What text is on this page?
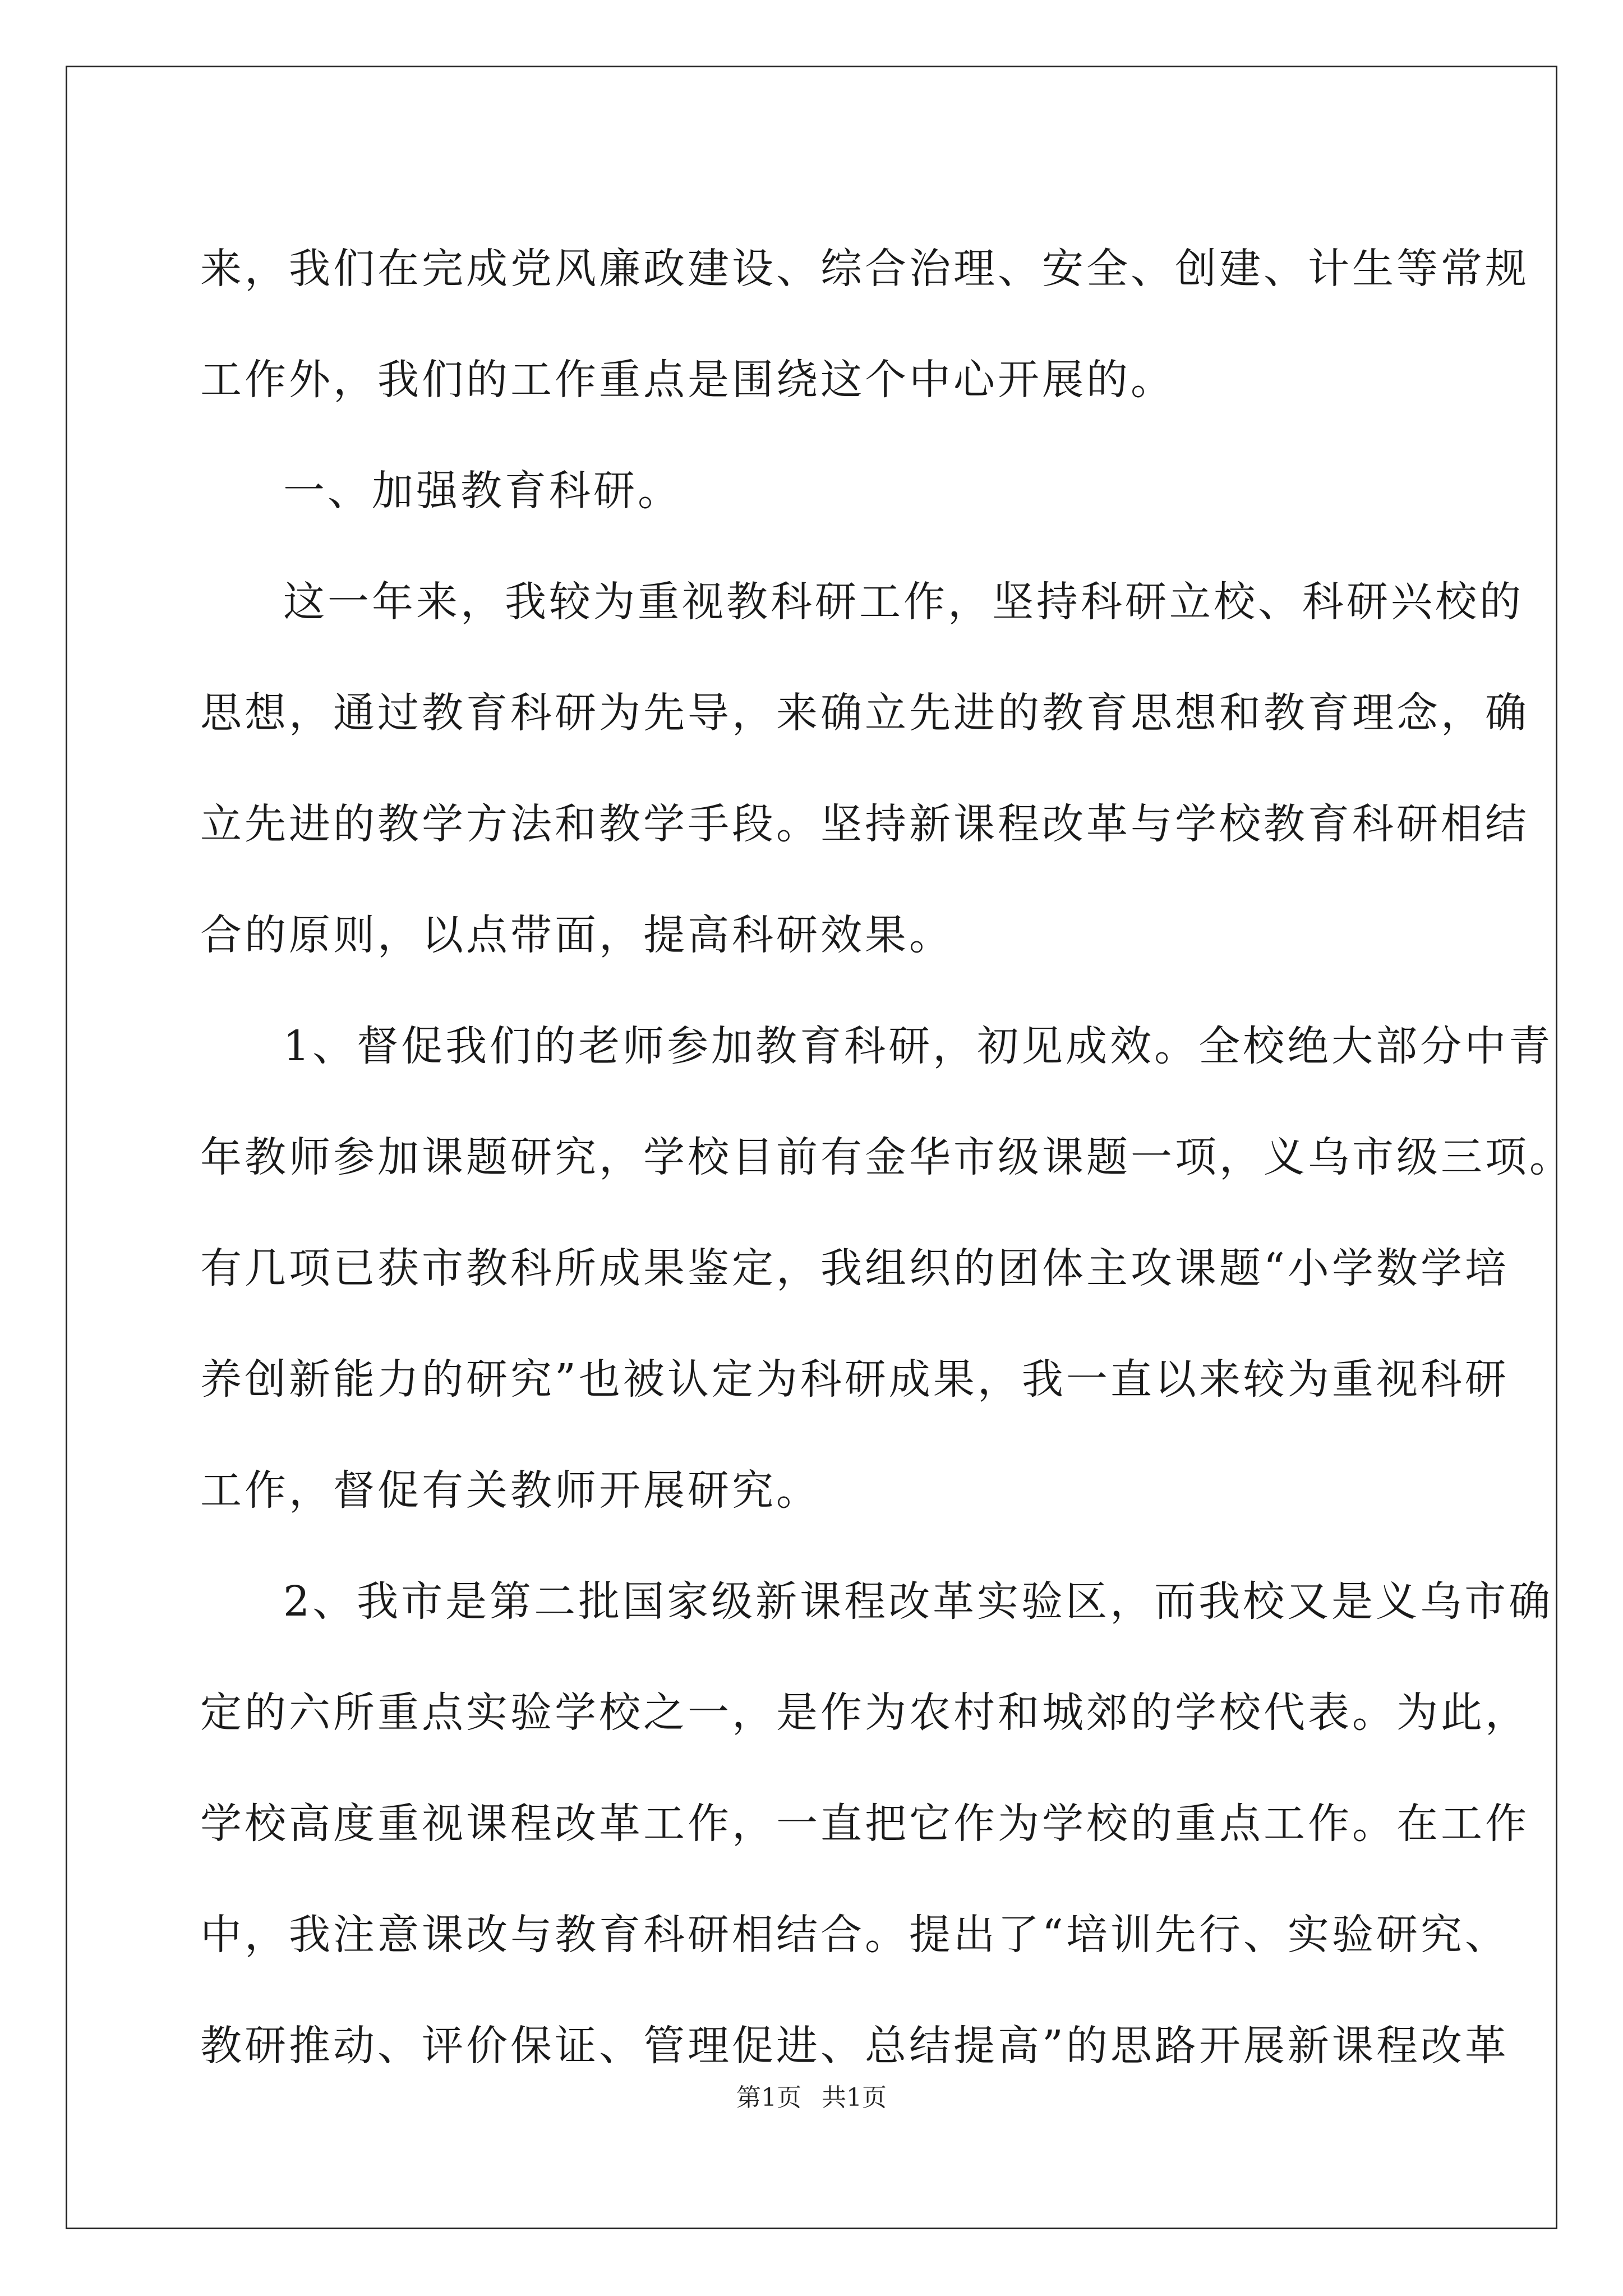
来，我们在完成党风廉政建设、综合治理、安全、创建、计生等常规
工作外，我们的工作重点是围绕这个中心开展的。
一、加强教育科研。
这一年来，我较为重视教科研工作，坚持科研立校、科研兴校的
思想，通过教育科研为先导，来确立先进的教育思想和教育理念，确
立先进的教学方法和教学手段。坚持新课程改革与学校教育科研相结
合的原则，以点带面，提高科研效果。
1、督促我们的老师参加教育科研，初见成效。全校绝大部分中青
年教师参加课题研究，学校目前有金华市级课题一项，义乌市级三项。
有几项已获市教科所成果鉴定，我组织的团体主攻课题“小学数学培
养创新能力的研究”也被认定为科研成果，我一直以来较为重视科研
工作，督促有关教师开展研究。
2、我市是第二批国家级新课程改革实验区，而我校又是义乌市确
定的六所重点实验学校之一，是作为农村和城郊的学校代表。为此，
学校高度重视课程改革工作，一直把它作为学校的重点工作。在工作
中，我注意课改与教育科研相结合。提出了“培训先行、实验研究、
教研推动、评价保证、管理促进、总结提高”的思路开展新课程改革
第1页 共1页
